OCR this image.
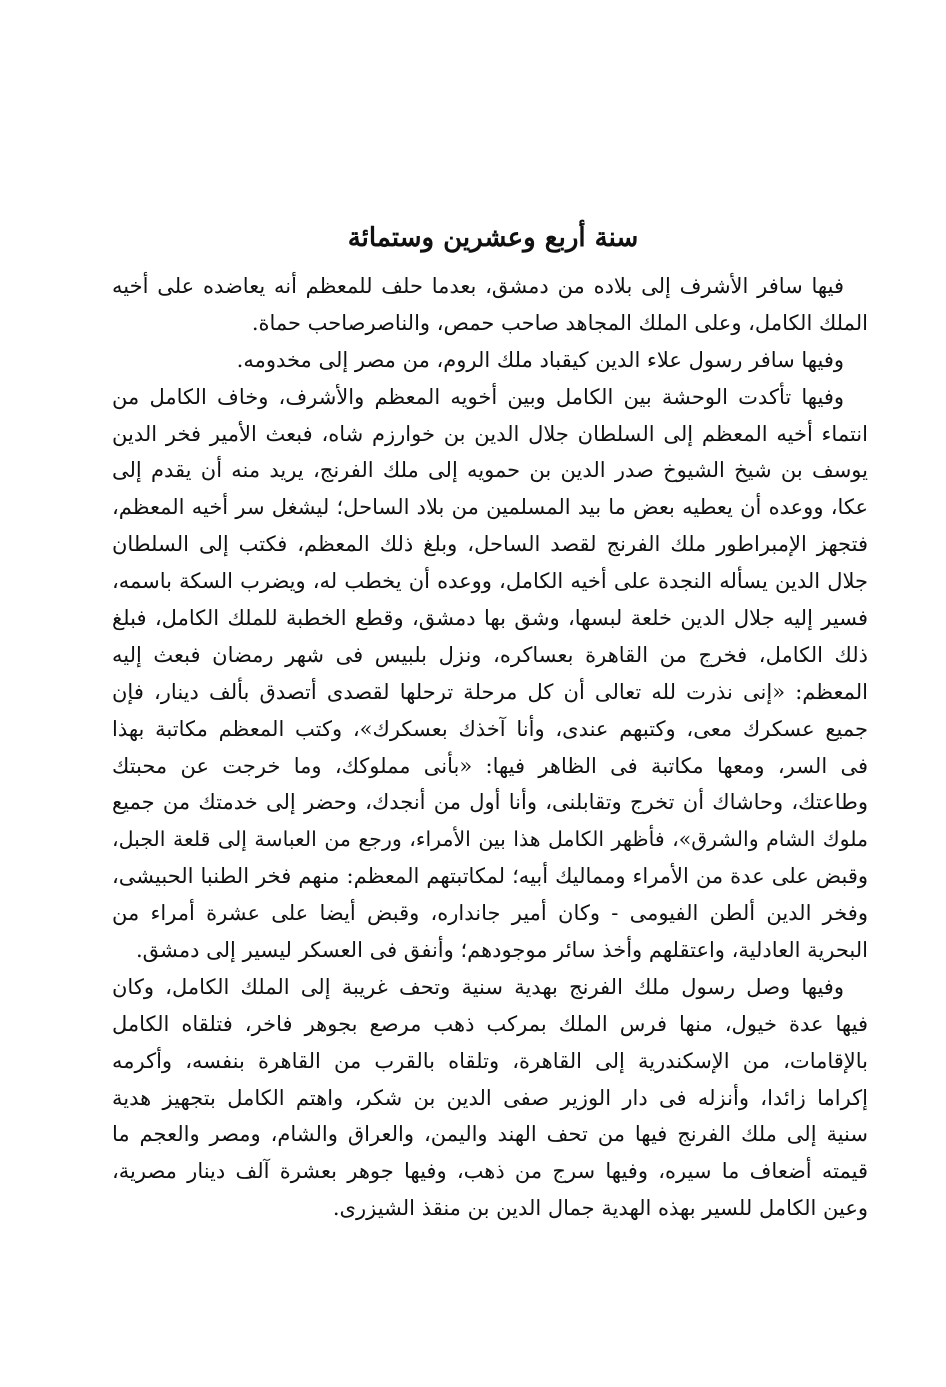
سنة أربع وعشرين وستمائة
فيها سافر الأشرف إلى بلاده من دمشق، بعدما حلف للمعظم أنه يعاضده على أخيه
الملك الكامل، وعلى الملك المجاهد صاحب حمص، والناصرصاحب حماة.
وفيها سافر رسول علاء الدين كيقباد ملك الروم، من مصر إلى مخدومه.
وفيها تأكدت الوحشة بين الكامل وبين أخويه المعظم والأشرف، وخاف الكامل من
انتماء أخيه المعظم إلى السلطان جلال الدين بن خوارزم شاه، فبعث الأمير فخر الدين
يوسف بن شيخ الشيوخ صدر الدين بن حمويه إلى ملك الفرنج، يريد منه أن يقدم إلى
عكا، ووعده أن يعطيه بعض ما بيد المسلمين من بلاد الساحل؛ ليشغل سر أخيه المعظم،
فتجهز الإمبراطور ملك الفرنج لقصد الساحل، وبلغ ذلك المعظم، فكتب إلى السلطان
جلال الدين يسأله النجدة على أخيه الكامل، ووعده أن يخطب له، ويضرب السكة باسمه،
فسير إليه جلال الدين خلعة لبسها، وشق بها دمشق، وقطع الخطبة للملك الكامل، فبلغ
ذلك الكامل، فخرج من القاهرة بعساكره، ونزل بلبيس فى شهر رمضان فبعث إليه
المعظم: «إنى نذرت لله تعالى أن كل مرحلة ترحلها لقصدى أتصدق بألف دينار، فإن
جميع عسكرك معى، وكتبهم عندى، وأنا آخذك بعسكرك»، وكتب المعظم مكاتبة بهذا
فى السر، ومعها مكاتبة فى الظاهر فيها: «بأنى مملوكك، وما خرجت عن محبتك
وطاعتك، وحاشاك أن تخرج وتقابلنى، وأنا أول من أنجدك، وحضر إلى خدمتك من جميع
ملوك الشام والشرق»، فأظهر الكامل هذا بين الأمراء، ورجع من العباسة إلى قلعة الجبل،
وقبض على عدة من الأمراء ومماليك أبيه؛ لمكاتبتهم المعظم: منهم فخر الطنبا الحبيشى،
وفخر الدين ألطن الفيومى - وكان أمير جانداره، وقبض أيضا على عشرة أمراء من
البحرية العادلية، واعتقلهم وأخذ سائر موجودهم؛ وأنفق فى العسكر ليسير إلى دمشق.
وفيها وصل رسول ملك الفرنج بهدية سنية وتحف غريبة إلى الملك الكامل، وكان
فيها عدة خيول، منها فرس الملك بمركب ذهب مرصع بجوهر فاخر، فتلقاه الكامل
بالإقامات، من الإسكندرية إلى القاهرة، وتلقاه بالقرب من القاهرة بنفسه، وأكرمه
إكراما زائدا، وأنزله فى دار الوزير صفى الدين بن شكر، واهتم الكامل بتجهيز هدية
سنية إلى ملك الفرنج فيها من تحف الهند واليمن، والعراق والشام، ومصر والعجم ما
قيمته أضعاف ما سيره، وفيها سرج من ذهب، وفيها جوهر بعشرة آلف دينار مصرية،
وعين الكامل للسير بهذه الهدية جمال الدين بن منقذ الشيزرى.
